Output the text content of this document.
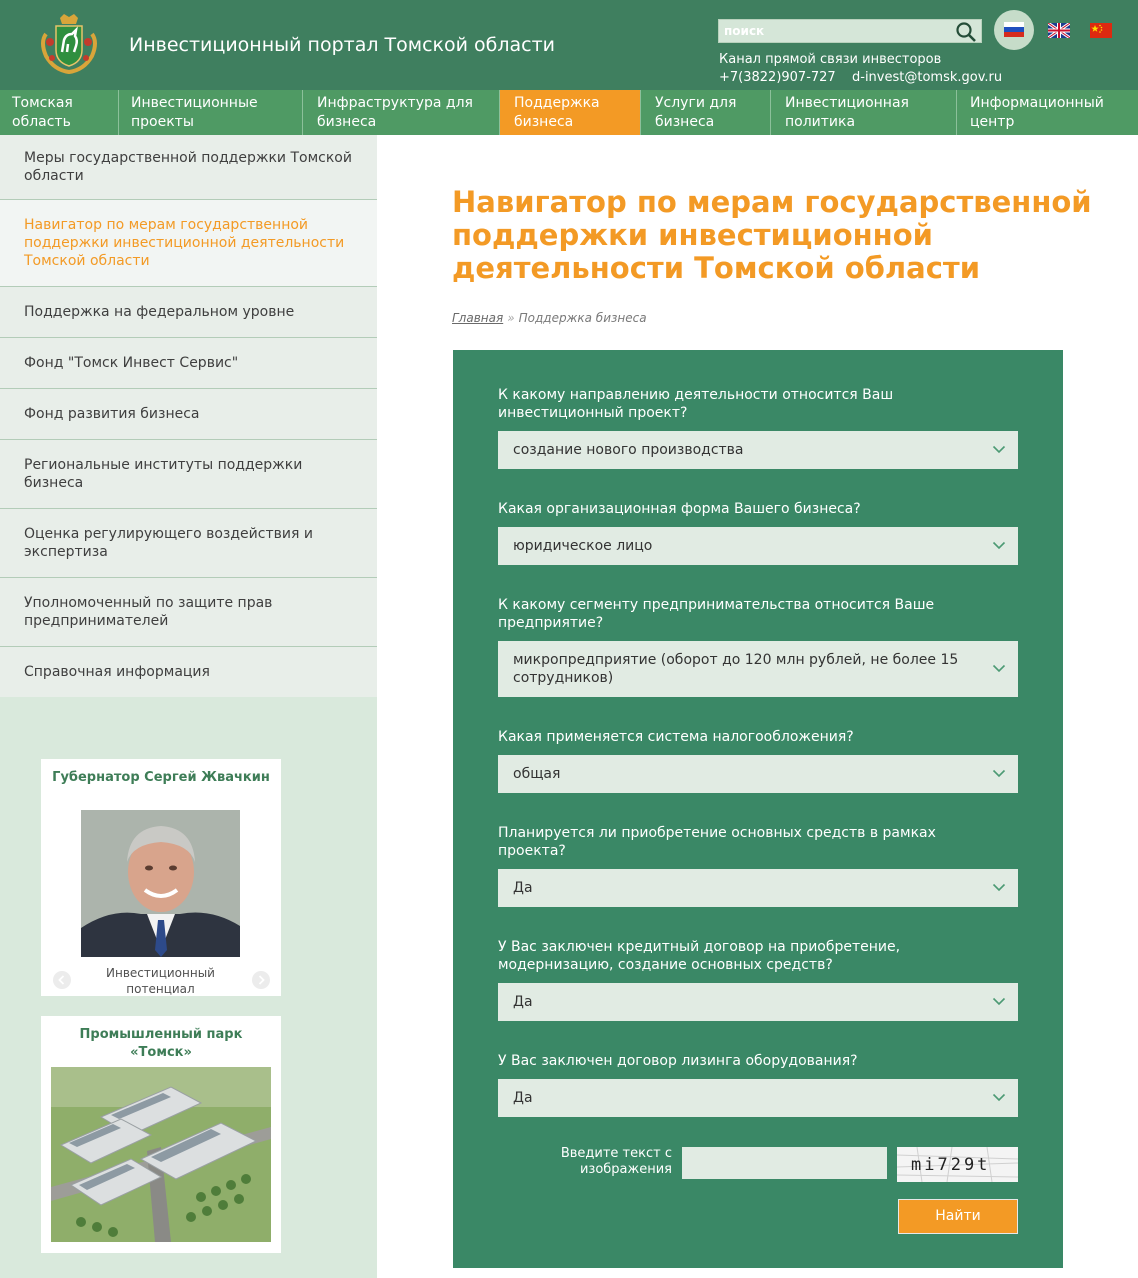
Инвестиционный портал Томской области
поиск
Канал прямой связи инвесторов
+7(3822)907-727 d-invest@tomsk.gov.ru
Томская
область
Инвестиционные
проекты
Инфраструктура для
бизнеса
Поддержка
бизнеса
Услуги для
бизнеса
Инвестиционная
политика
Информационный
центр
Меры государственной поддержки Томской области
Навигатор по мерам государственной поддержки инвестиционной деятельности Томской области
Поддержка на федеральном уровне
Фонд "Томск Инвест Сервис"
Фонд развития бизнеса
Региональные институты поддержки бизнеса
Оценка регулирующего воздействия и экспертиза
Уполномоченный по защите прав предпринимателей
Справочная информация
Губернатор Сергей Жвачкин
Инвестиционный потенциал
Промышленный парк «Томск»
Навигатор по мерам государственной поддержки инвестиционной деятельности Томской области
Главная » Поддержка бизнеса
К какому направлению деятельности относится Ваш инвестиционный проект?
создание нового производства
Какая организационная форма Вашего бизнеса?
юридическое лицо
К какому сегменту предпринимательства относится Ваше предприятие?
микропредприятие (оборот до 120 млн рублей, не более 15 сотрудников)
Какая применяется система налогообложения?
общая
Планируется ли приобретение основных средств в рамках проекта?
Да
У Вас заключен кредитный договор на приобретение, модернизацию, создание основных средств?
Да
У Вас заключен договор лизинга оборудования?
Да
Введите текст с изображения	mi729t
Найти
